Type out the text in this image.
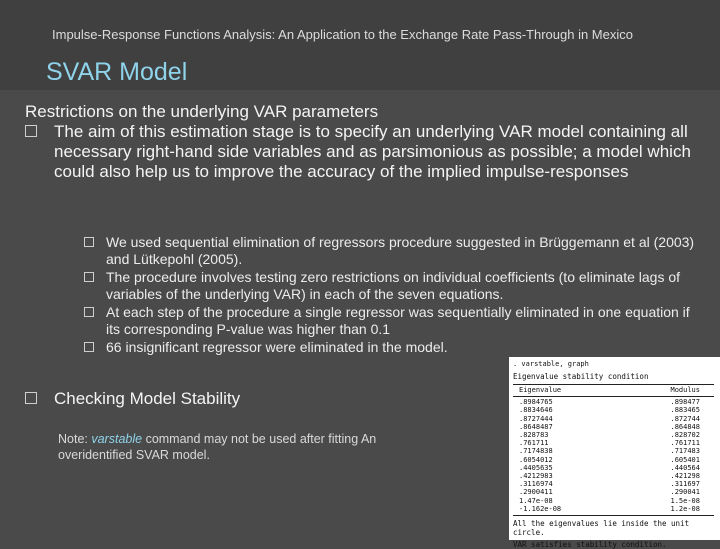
Impulse-Response Functions Analysis: An Application to the Exchange Rate Pass-Through in Mexico
SVAR Model
Restrictions on the underlying VAR parameters
The aim of this estimation stage is to specify an underlying VAR model containing all necessary right-hand side variables and as parsimonious as possible; a model which could also help us to improve the accuracy of the implied impulse-responses
We used sequential elimination of regressors procedure suggested in Brüggemann et al (2003) and Lütkepohl (2005).
The procedure involves testing zero restrictions on individual coefficients (to eliminate lags of variables of the underlying VAR) in each of the seven equations.
At each step of the procedure a single regressor was sequentially eliminated in one equation if its corresponding P-value was higher than 0.1
66 insignificant regressor were eliminated in the model.
Checking Model Stability
Note: varstable command may not be used after fitting An overidentified SVAR model.
. varstable, graph
Eigenvalue stability condition
Eigenvalue	Modulus
.8984765	.898477
.8834646	.883465
.8727444	.872744
.8648487	.864848
.828783	.828702
.761711	.761711
.7174838	.717483
.6054012	.605401
.4405635	.440564
.4212983	.421298
.3116974	.311697
.2900411	.290041
1.47e-08	1.5e-08
-1.162e-08	1.2e-08
All the eigenvalues lie inside the unit circle.
VAR satisfies stability condition.
